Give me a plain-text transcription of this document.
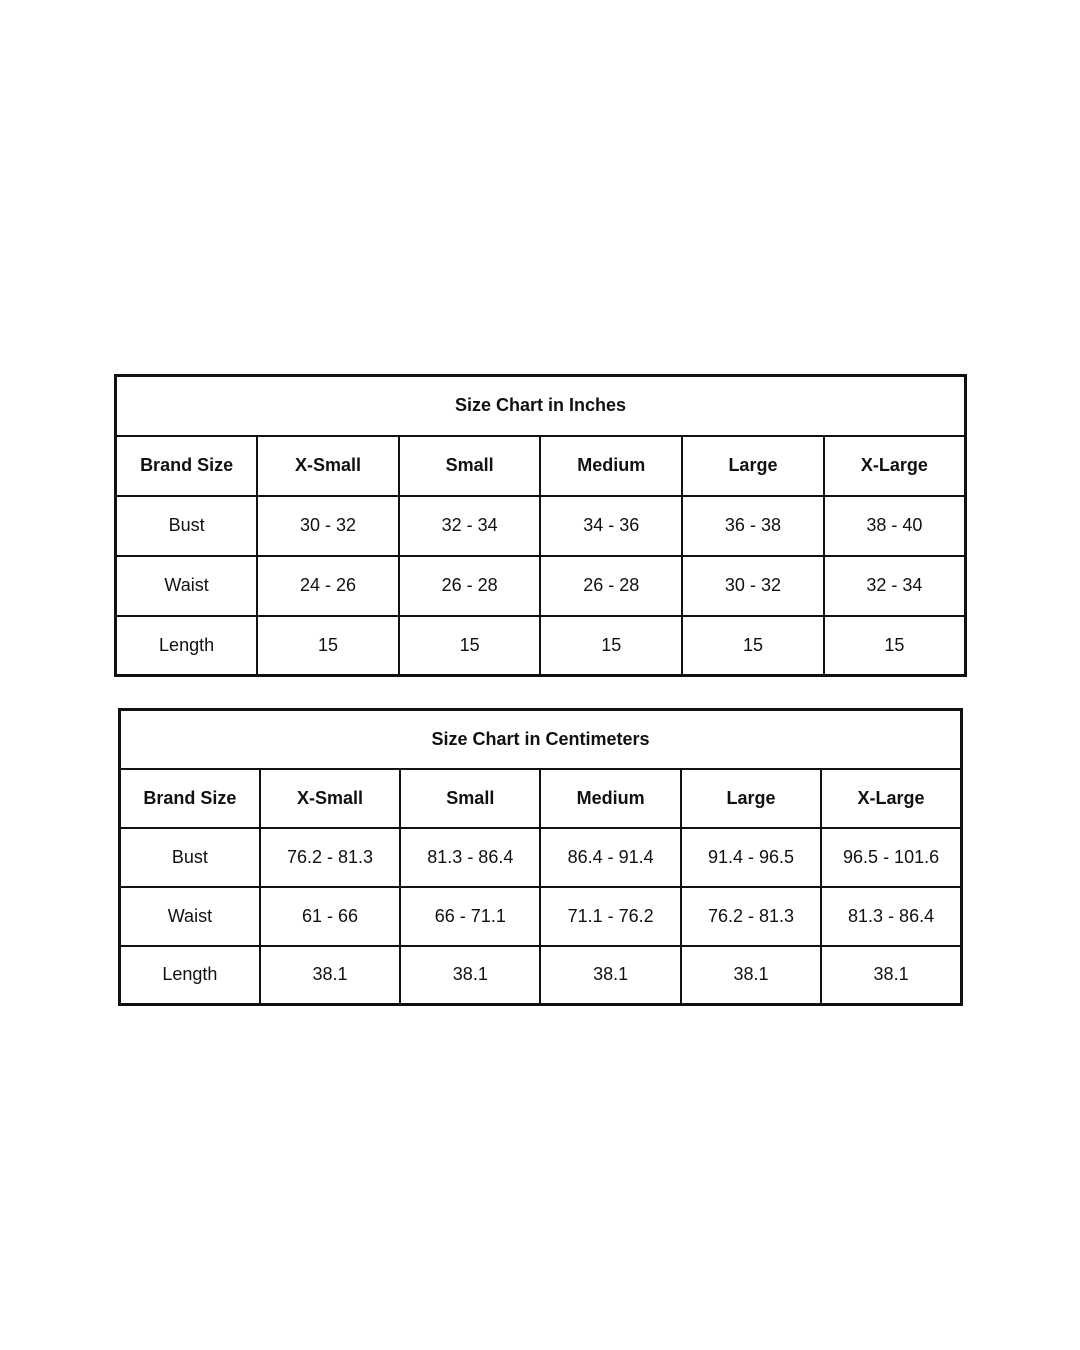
Size Chart in Inches					
Brand Size	X-Small	Small	Medium	Large	X-Large
Bust	30 - 32	32 - 34	34 - 36	36 - 38	38 - 40
Waist	24 - 26	26 - 28	26 - 28	30 - 32	32 - 34
Length	15	15	15	15	15
Size Chart in Centimeters					
Brand Size	X-Small	Small	Medium	Large	X-Large
Bust	76.2 - 81.3	81.3 - 86.4	86.4 - 91.4	91.4 - 96.5	96.5 - 101.6
Waist	61 - 66	66 - 71.1	71.1 - 76.2	76.2 - 81.3	81.3 - 86.4
Length	38.1	38.1	38.1	38.1	38.1
